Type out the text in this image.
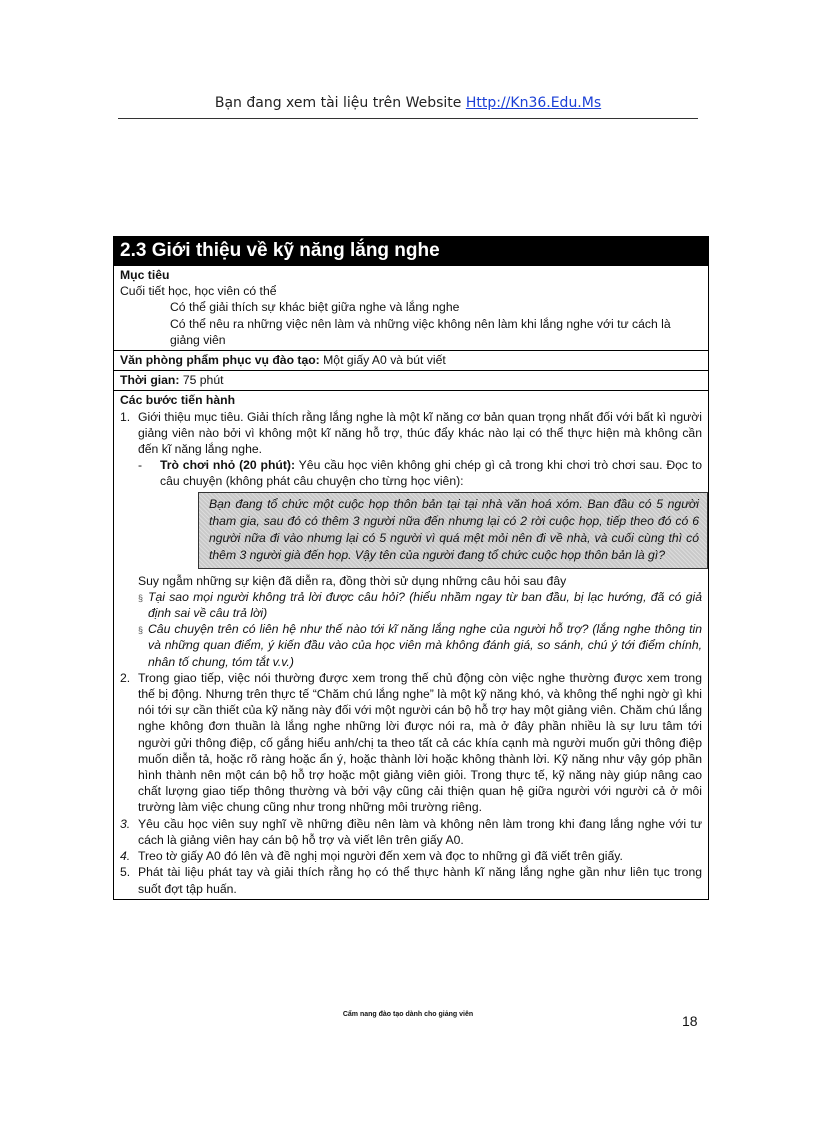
Bạn đang xem tài liệu trên Website Http://Kn36.Edu.Ms
2.3 Giới thiệu về kỹ năng lắng nghe
Mục tiêu
Cuối tiết học, học viên có thể
Có thể giải thích sự khác biệt giữa nghe và lắng nghe
Có thể nêu ra những việc nên làm và những việc không nên làm khi lắng nghe với tư cách là giảng viên
Văn phòng phẩm phục vụ đào tạo: Một giấy A0 và bút viết
Thời gian: 75 phút
Các bước tiến hành
1. Giới thiệu mục tiêu. Giải thích rằng lắng nghe là một kĩ năng cơ bản quan trọng nhất đối với bất kì người giảng viên nào bởi vì không một kĩ năng hỗ trợ, thúc đẩy khác nào lại có thể thực hiện mà không cần đến kĩ năng lắng nghe.
-	Trò chơi nhỏ (20 phút): Yêu cầu học viên không ghi chép gì cả trong khi chơi trò chơi sau. Đọc to câu chuyện (không phát câu chuyện cho từng học viên):
Bạn đang tổ chức một cuộc họp thôn bản tại tại nhà văn hoá xóm. Ban đầu có 5 người tham gia, sau đó có thêm 3 người nữa đến nhưng lại có 2 rời cuộc họp, tiếp theo đó có 6 người nữa đi vào nhưng lại có 5 người vì quá mệt mỏi nên đi về nhà, và cuối cùng thì có thêm 3 người già đến họp. Vậy tên của người đang tổ chức cuộc họp thôn bản là gì?
Suy ngẫm những sự kiện đã diễn ra, đồng thời sử dụng những câu hỏi sau đây
§ Tại sao mọi người không trả lời được câu hỏi? (hiểu nhầm ngay từ ban đầu, bị lạc hướng, đã có giả định sai về câu trả lời)
§ Câu chuyện trên có liên hệ như thế nào tới kĩ năng lắng nghe của người hỗ trợ? (lắng nghe thông tin và những quan điểm, ý kiến đầu vào của học viên mà không đánh giá, so sánh, chú ý tới điểm chính, nhân tố chung, tóm tắt v.v.)
2. Trong giao tiếp, việc nói thường được xem trong thế chủ động còn việc nghe thường được xem trong thế bị động. Nhưng trên thực tế “Chăm chú lắng nghe” là một kỹ năng khó, và không thể nghi ngờ gì khi nói tới sự cần thiết của kỹ năng này đối với một người cán bộ hỗ trợ hay một giảng viên. Chăm chú lắng nghe không đơn thuần là lắng nghe những lời được nói ra, mà ở đây phần nhiều là sự lưu tâm tới người gửi thông điệp, cố gắng hiểu anh/chị ta theo tất cả các khía cạnh mà người muốn gửi thông điệp muốn diễn tả, hoặc rõ ràng hoặc ẩn ý, hoặc thành lời hoặc không thành lời. Kỹ năng như vậy góp phần hình thành nên một cán bộ hỗ trợ hoặc một giảng viên giỏi. Trong thực tế, kỹ năng này giúp nâng cao chất lượng giao tiếp thông thường và bởi vậy cũng cải thiện quan hệ giữa người với người cả ở môi trường làm việc chung cũng như trong những môi trường riêng.
3. Yêu cầu học viên suy nghĩ về những điều nên làm và không nên làm trong khi đang lắng nghe với tư cách là giảng viên hay cán bộ hỗ trợ và viết lên trên giấy A0.
4. Treo tờ giấy A0 đó lên và đề nghị mọi người đến xem và đọc to những gì đã viết trên giấy.
5. Phát tài liệu phát tay và giải thích rằng họ có thể thực hành kĩ năng lắng nghe gần như liên tục trong suốt đợt tập huấn.
Cẩm nang đào tạo dành cho giảng viên	18
